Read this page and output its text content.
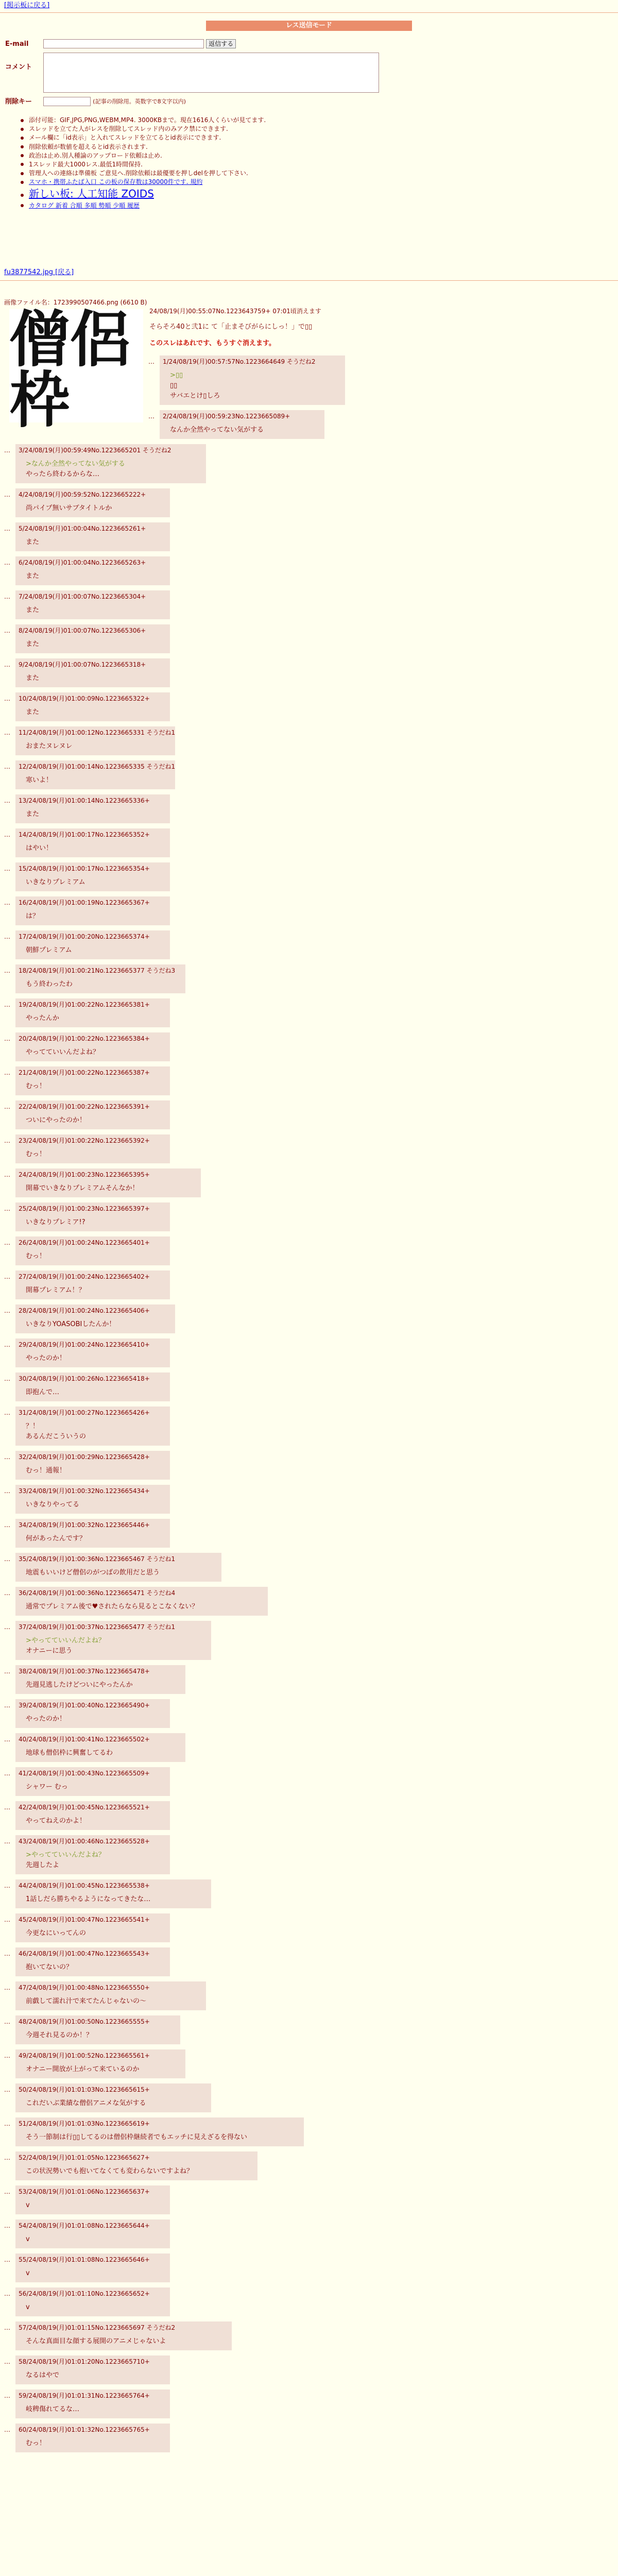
[掲示板に戻る]
レス送信モード
E-mail	返信する
コメント
削除キー	(記事の削除用。英数字で8文字以内)
添付可能：GIF,JPG,PNG,WEBM,MP4. 3000KBまで。現在1616人くらいが見てます.
スレッドを立てた人がレスを削除してスレッド内のみアク禁にできます.
メール欄に「id表示」と入れてスレッドを立てるとid表示にできます.
削除依頼が数値を超えるとid表示されます.
政治は止め.別人種論のアップロード依頼は止め.
1スレッド最大1000レス.最低1時間保持.
管理人への連絡は準備板 ご意見へ.削除依頼は最優要を押しdelを押して下さい.
スマホ・携帯ふたば入口 この板の保存数は30000件です. 規約
新しい板: 人工知能 ZOIDS
カタログ 新着 合順 多順 勢順 少順 履歴
fu3877542.jpg [戻る]
画像ファイル名：1723990507466.png (6610 B)
僧侶
枠
24/08/19(月)00:55:07No.1223643759+ 07:01頃消えます
そらそろ40と弐1に て「止まそびがらにしっ！」で▯▯
このスレはあれです、もうすぐ消えます。
… 1/24/08/19(月)00:57:57No.1223664649 そうだね2
>▯▯
▯▯
サバエとけ▯しろ
… 2/24/08/19(月)00:59:23No.1223665089+
なんか全然やってない気がする
… 3/24/08/19(月)00:59:49No.1223665201 そうだね2
>なんか全然やってない気がする
やったら終わるからな…
… 4/24/08/19(月)00:59:52No.1223665222+
尚パイプ無いサブタイトルか
… 5/24/08/19(月)01:00:04No.1223665261+
また
… 6/24/08/19(月)01:00:04No.1223665263+
また
… 7/24/08/19(月)01:00:07No.1223665304+
また
… 8/24/08/19(月)01:00:07No.1223665306+
また
… 9/24/08/19(月)01:00:07No.1223665318+
また
… 10/24/08/19(月)01:00:09No.1223665322+
また
… 11/24/08/19(月)01:00:12No.1223665331 そうだね1
おまたヌレヌレ
… 12/24/08/19(月)01:00:14No.1223665335 そうだね1
寒いよ！
… 13/24/08/19(月)01:00:14No.1223665336+
また
… 14/24/08/19(月)01:00:17No.1223665352+
はやい！
… 15/24/08/19(月)01:00:17No.1223665354+
いきなりプレミアム
… 16/24/08/19(月)01:00:19No.1223665367+
は？
… 17/24/08/19(月)01:00:20No.1223665374+
朝鮮プレミアム
… 18/24/08/19(月)01:00:21No.1223665377 そうだね3
もう終わったわ
… 19/24/08/19(月)01:00:22No.1223665381+
やったんか
… 20/24/08/19(月)01:00:22No.1223665384+
やってていいんだよね？
… 21/24/08/19(月)01:00:22No.1223665387+
むっ！
… 22/24/08/19(月)01:00:22No.1223665391+
ついにやったのか！
… 23/24/08/19(月)01:00:22No.1223665392+
むっ！
… 24/24/08/19(月)01:00:23No.1223665395+
開幕でいきなりプレミアムそんなか！
… 25/24/08/19(月)01:00:23No.1223665397+
いきなりプレミア!?
… 26/24/08/19(月)01:00:24No.1223665401+
むっ！
… 27/24/08/19(月)01:00:24No.1223665402+
開幕プレミアム！？
… 28/24/08/19(月)01:00:24No.1223665406+
いきなりYOASOBIしたんか！
… 29/24/08/19(月)01:00:24No.1223665410+
やったのか！
… 30/24/08/19(月)01:00:26No.1223665418+
即抱んで…
… 31/24/08/19(月)01:00:27No.1223665426+
？！
あるんだこういうの
… 32/24/08/19(月)01:00:29No.1223665428+
むっ！通報！
… 33/24/08/19(月)01:00:32No.1223665434+
いきなりやってる
… 34/24/08/19(月)01:00:32No.1223665446+
何があったんです？
… 35/24/08/19(月)01:00:36No.1223665467 そうだね1
地震もいいけど僧侶のがつばの飲用だと思う
… 36/24/08/19(月)01:00:36No.1223665471 そうだね4
通常でプレミアム後で♥されたらなら見るとこなくない？
… 37/24/08/19(月)01:00:37No.1223665477 そうだね1
>やってていいんだよね？
オナニーに思う
… 38/24/08/19(月)01:00:37No.1223665478+
先週見逃したけどついにやったんか
… 39/24/08/19(月)01:00:40No.1223665490+
やったのか！
… 40/24/08/19(月)01:00:41No.1223665502+
地球も僧侶枠に興奮してるわ
… 41/24/08/19(月)01:00:43No.1223665509+
シャワー むっ
… 42/24/08/19(月)01:00:45No.1223665521+
やってねえのかよ！
… 43/24/08/19(月)01:00:46No.1223665528+
>やってていいんだよね？
先週したよ
… 44/24/08/19(月)01:00:45No.1223665538+
1話しだら勝ちやるようになってきたな…
… 45/24/08/19(月)01:00:47No.1223665541+
今更なにいってんの
… 46/24/08/19(月)01:00:47No.1223665543+
抱いてないの？
… 47/24/08/19(月)01:00:48No.1223665550+
前戯して濡れ汁で来てたんじゃないの〜
… 48/24/08/19(月)01:00:50No.1223665555+
今週それ見るのか！？
… 49/24/08/19(月)01:00:52No.1223665561+
オナニー開放が上がって来ているのか
… 50/24/08/19(月)01:01:03No.1223665615+
これだいぶ業績な僧侶アニメな気がする
… 51/24/08/19(月)01:01:03No.1223665619+
そう一節制は行▯▯してるのは僧侶枠継続者でもエッチに見えざるを得ない
… 52/24/08/19(月)01:01:05No.1223665627+
この状況勢いでも抱いてなくても変わらないですよね？
… 53/24/08/19(月)01:01:06No.1223665637+
v
… 54/24/08/19(月)01:01:08No.1223665644+
v
… 55/24/08/19(月)01:01:08No.1223665646+
v
… 56/24/08/19(月)01:01:10No.1223665652+
v
… 57/24/08/19(月)01:01:15No.1223665697 そうだね2
そんな真面目な顔する展開のアニメじゃないよ
… 58/24/08/19(月)01:01:20No.1223665710+
なるはやで
… 59/24/08/19(月)01:01:31No.1223665764+
岐稗傷れてるな…
… 60/24/08/19(月)01:01:32No.1223665765+
むっ！
